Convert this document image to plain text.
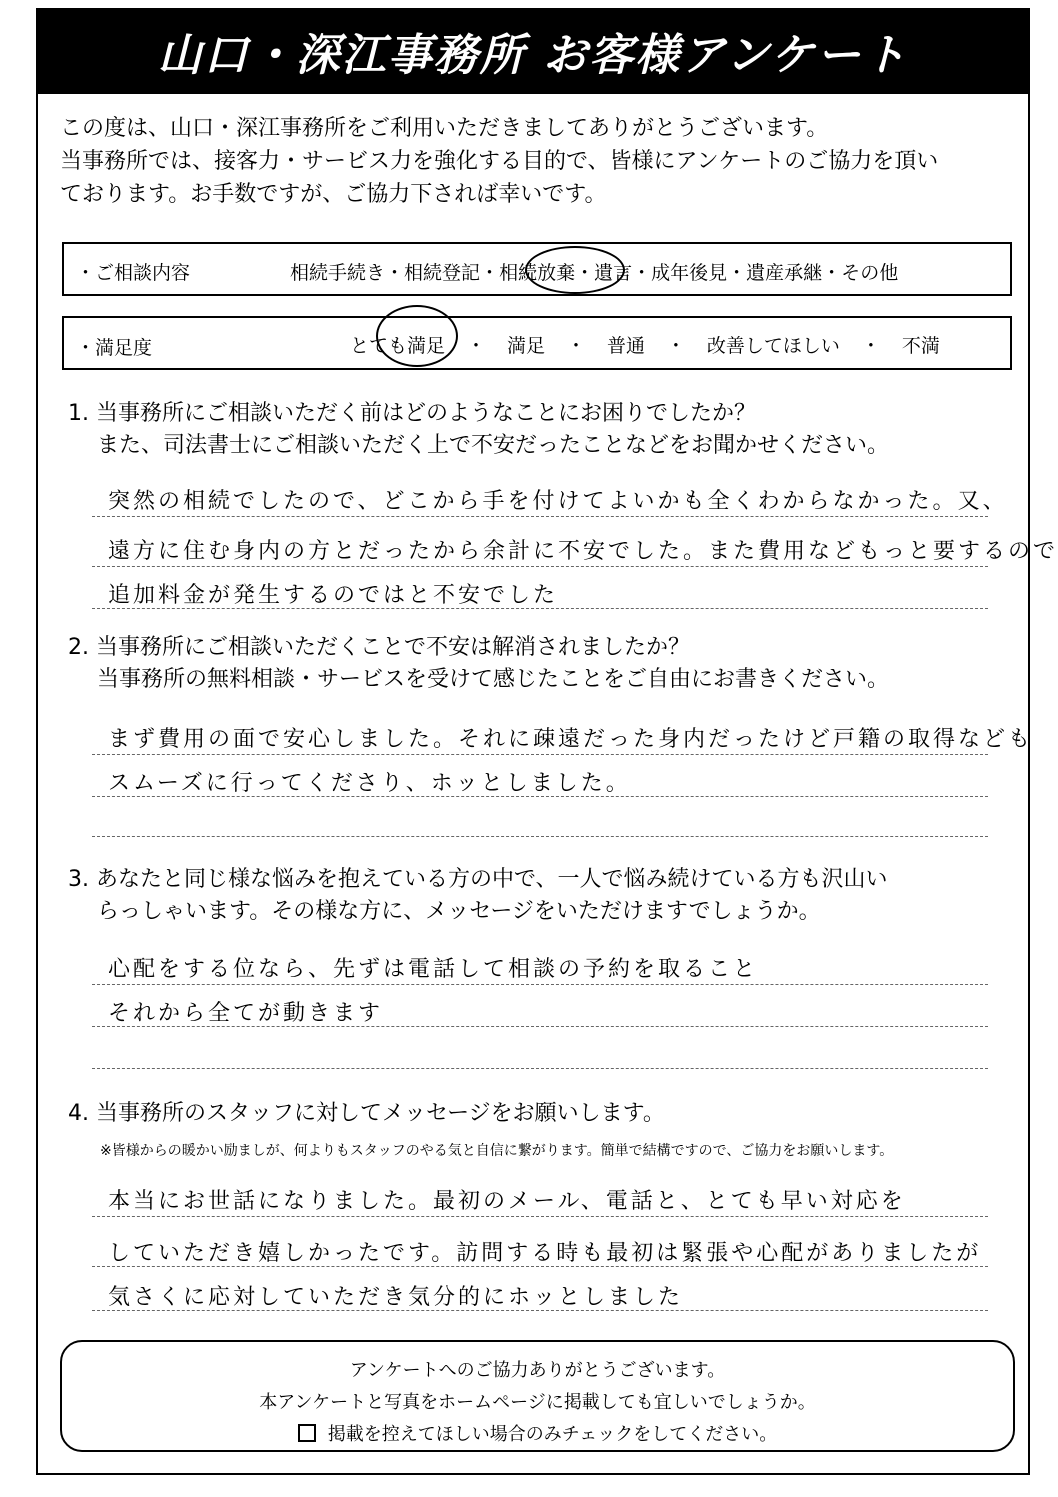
山口・深江事務所 お客様アンケート
この度は、山口・深江事務所をご利用いただきましてありがとうございます。
当事務所では、接客力・サービス力を強化する目的で、皆様にアンケートのご協力を頂い
ております。お手数ですが、ご協力下されば幸いです。
・ご相談内容	相続手続き・相続登記・相続放棄・遺言・成年後見・遺産承継・その他
・満足度	とても満足 ・ 満足 ・ 普通 ・ 改善してほしい ・ 不満
1. 当事務所にご相談いただく前はどのようなことにお困りでしたか？
　 また、司法書士にご相談いただく上で不安だったことなどをお聞かせください。
突然の相続でしたので、どこから手を付けてよいかも全くわからなかった。又、
遠方に住む身内の方とだったから余計に不安でした。また費用などもっと要するので
追加料金が発生するのではと不安でした
2. 当事務所にご相談いただくことで不安は解消されましたか？
　 当事務所の無料相談・サービスを受けて感じたことをご自由にお書きください。
まず費用の面で安心しました。それに疎遠だった身内だったけど戸籍の取得なども
スムーズに行ってくださり、ホッとしました。
3. あなたと同じ様な悩みを抱えている方の中で、一人で悩み続けている方も沢山い
　 らっしゃいます。その様な方に、メッセージをいただけますでしょうか。
心配をする位なら、先ずは電話して相談の予約を取ること
それから全てが動きます
4. 当事務所のスタッフに対してメッセージをお願いします。
※皆様からの暖かい励ましが、何よりもスタッフのやる気と自信に繋がります。簡単で結構ですので、ご協力をお願いします。
本当にお世話になりました。最初のメール、電話と、とても早い対応を
していただき嬉しかったです。訪問する時も最初は緊張や心配がありましたが
気さくに応対していただき気分的にホッとしました
アンケートへのご協力ありがとうございます。
本アンケートと写真をホームページに掲載しても宜しいでしょうか。
掲載を控えてほしい場合のみチェックをしてください。
